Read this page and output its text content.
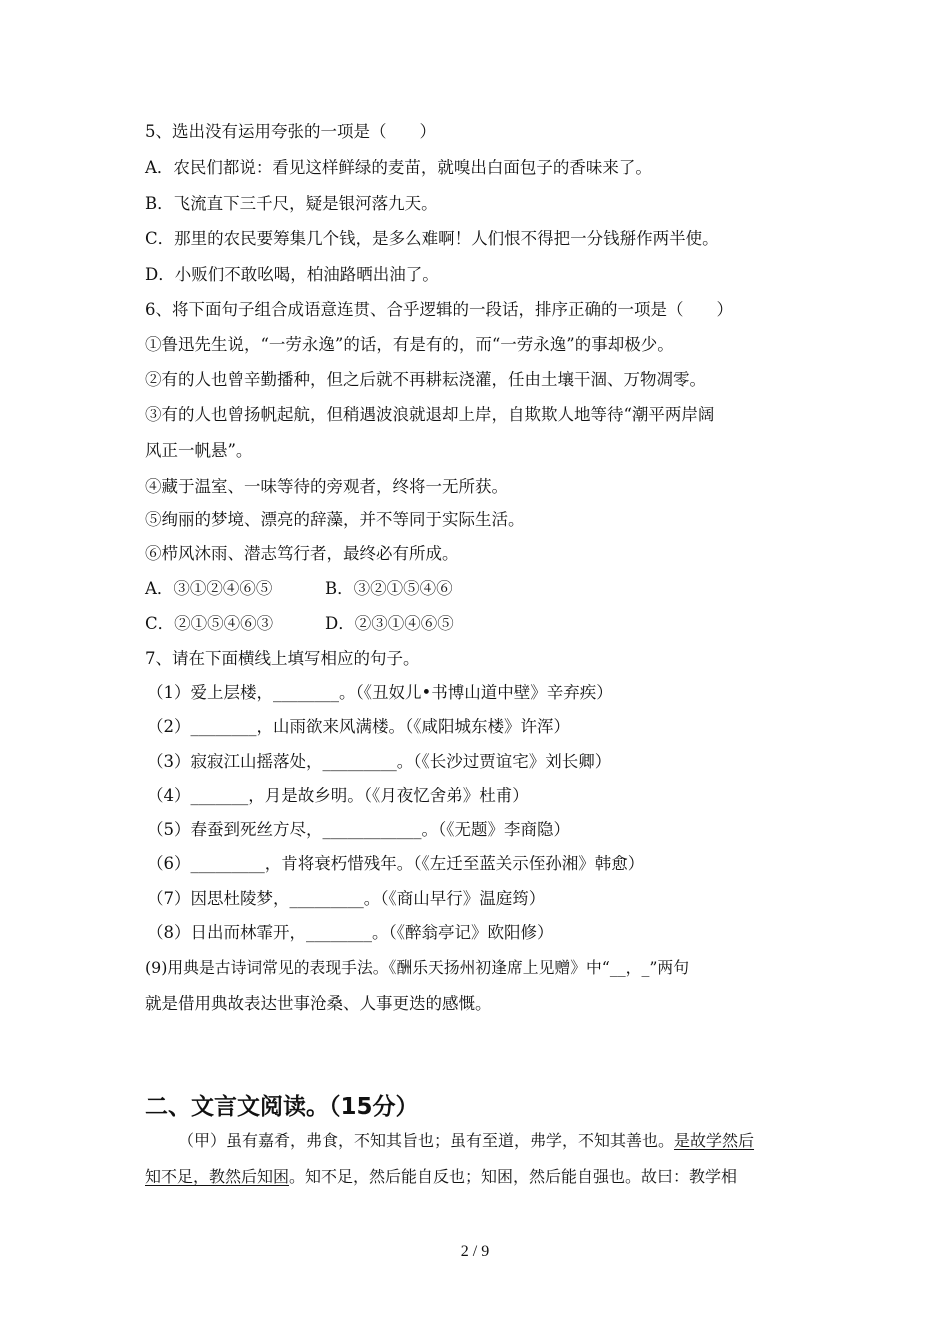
5、选出没有运用夸张的一项是（　　）
A．农民们都说：看见这样鲜绿的麦苗，就嗅出白面包子的香味来了。
B．飞流直下三千尺，疑是银河落九天。
C．那里的农民要筹集几个钱，是多么难啊！人们恨不得把一分钱掰作两半使。
D．小贩们不敢吆喝，柏油路晒出油了。
6、将下面句子组合成语意连贯、合乎逻辑的一段话，排序正确的一项是（　　）
①鲁迅先生说，“一劳永逸”的话，有是有的，而“一劳永逸”的事却极少。
②有的人也曾辛勤播种，但之后就不再耕耘浇灌，任由土壤干涸、万物凋零。
③有的人也曾扬帆起航，但稍遇波浪就退却上岸，自欺欺人地等待“潮平两岸阔
风正一帆悬”。
④藏于温室、一味等待的旁观者，终将一无所获。
⑤绚丽的梦境、漂亮的辞藻，并不等同于实际生活。
⑥栉风沐雨、潜志笃行者，最终必有所成。
A．③①②④⑥⑤	B．③②①⑤④⑥
C．②①⑤④⑥③	D．②③①④⑥⑤
7、请在下面横线上填写相应的句子。
（1）爱上层楼，________。（《丑奴儿•书博山道中壁》辛弃疾）
（2）________，山雨欲来风满楼。（《咸阳城东楼》许浑）
（3）寂寂江山摇落处，_________。（《长沙过贾谊宅》刘长卿）
（4）_______，月是故乡明。（《月夜忆舍弟》杜甫）
（5）春蚕到死丝方尽，____________。（《无题》李商隐）
（6）_________，肯将衰朽惜残年。（《左迁至蓝关示侄孙湘》韩愈）
（7）因思杜陵梦，_________。（《商山早行》温庭筠）
（8）日出而林霏开，________。（《醉翁亭记》欧阳修）
(9)用典是古诗词常见的表现手法。《酬乐天扬州初逢席上见赠》中“__，_”两句
就是借用典故表达世事沧桑、人事更迭的感慨。
二、文言文阅读。（15分）
（甲）虽有嘉肴，弗食，不知其旨也；虽有至道，弗学，不知其善也。是故学然后
知不足，教然后知困。知不足，然后能自反也；知困，然后能自强也。故曰：教学相
2 / 9
